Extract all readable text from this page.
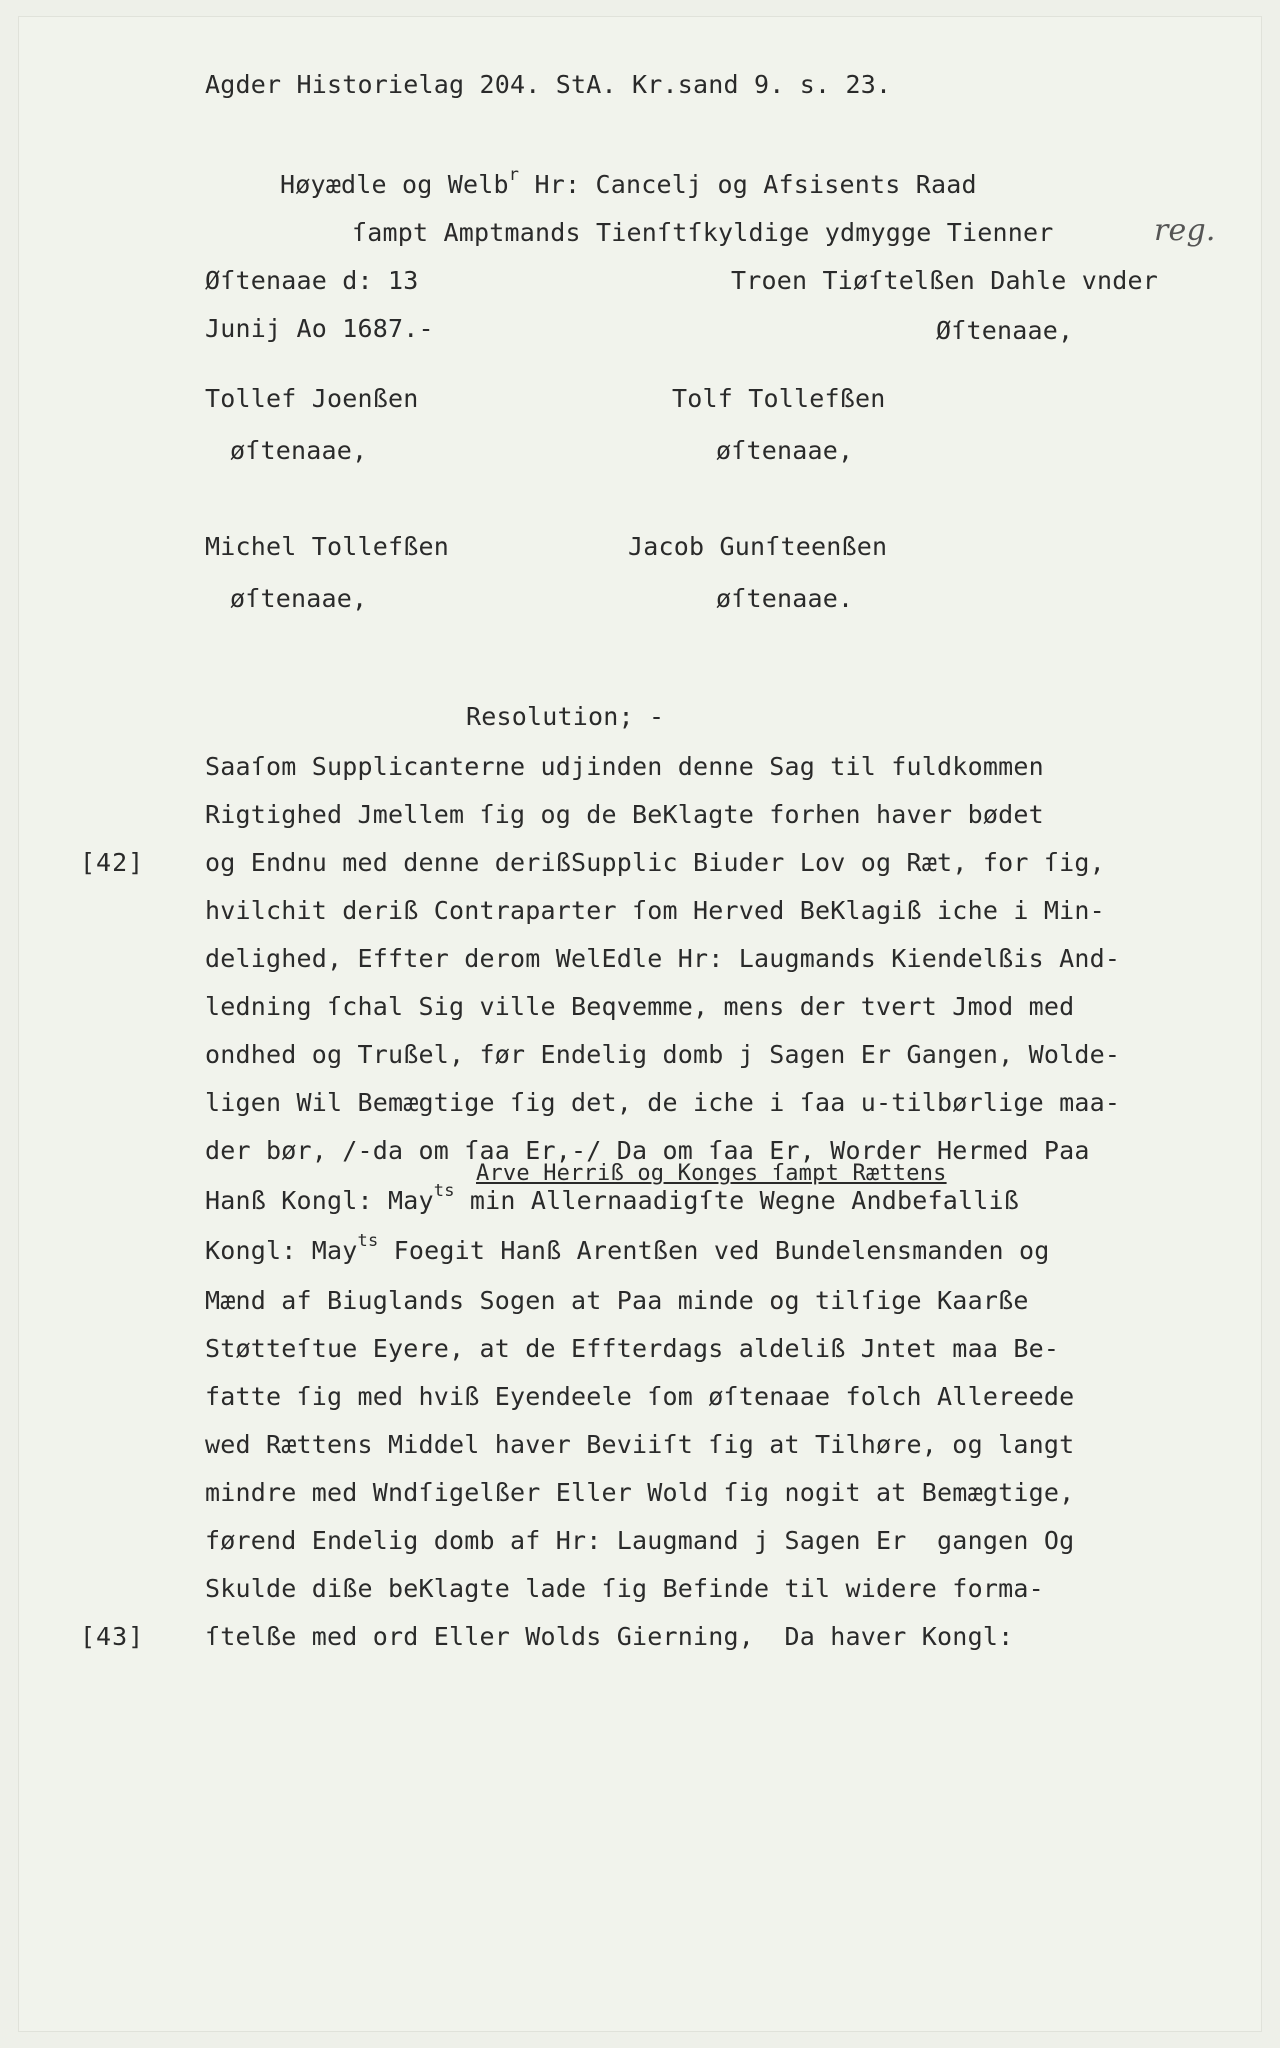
Agder Historielag 204. StA. Kr.sand 9. s. 23.
Høyædle og Welb$^r$ Hr: Cancelj og Afsisents Raad
ſampt Amptmands Tienſtſkyldige ydmygge Tienner	reg.
Øſtenaae d: 13
Junij Ao 1687.-
Troen Tiøſtelßen Dahle vnder
Øſtenaae,
Tollef Joenßen
øſtenaae,
Tolf Tollefßen
øſtenaae,
Michel Tollefßen
øſtenaae,
Jacob Gunſteenßen
øſtenaae.
Resolution; -
Saaſom Supplicanterne udjinden denne Sag til fuldkommen
Rigtighed Jmellem ſig og de BeKlagte forhen haver bødet
og Endnu med denne derißSupplic Biuder Lov og Ræt, for ſig,
hvilchit deriß Contraparter ſom Herved BeKlagiß iche i Min-
delighed, Effter derom WelEdle Hr: Laugmands Kiendelßis And-
ledning ſchal Sig ville Beqvemme, mens der tvert Jmod med
ondhed og Trußel, før Endelig domb j Sagen Er Gangen, Wolde-
ligen Wil Bemægtige ſig det, de iche i ſaa u-tilbørlige maa-
der bør, /-da om ſaa Er,-/ Da om ſaa Er, Worder Hermed Paa
Arve Herriß og Konges ſampt Rættens
Hanß Kongl: May$^{ts}$ min Allernaadigſte Wegne Andbefalliß
Kongl: May$^{ts}$ Foegit Hanß Arentßen ved Bundelensmanden og
Mænd af Biuglands Sogen at Paa minde og tilſige Kaarße
Støtteſtue Eyere, at de Effterdags aldeliß Jntet maa Be-
fatte ſig med hviß Eyendeele ſom øſtenaae folch Allereede
wed Rættens Middel haver Beviiſt ſig at Tilhøre, og langt
mindre med Wndſigelßer Eller Wold ſig nogit at Bemægtige,
førend Endelig domb af Hr: Laugmand j Sagen Er  gangen Og
Skulde diße beKlagte lade ſig Befinde til widere forma-
ſtelße med ord Eller Wolds Gierning,  Da haver Kongl:
[42]
[43]
